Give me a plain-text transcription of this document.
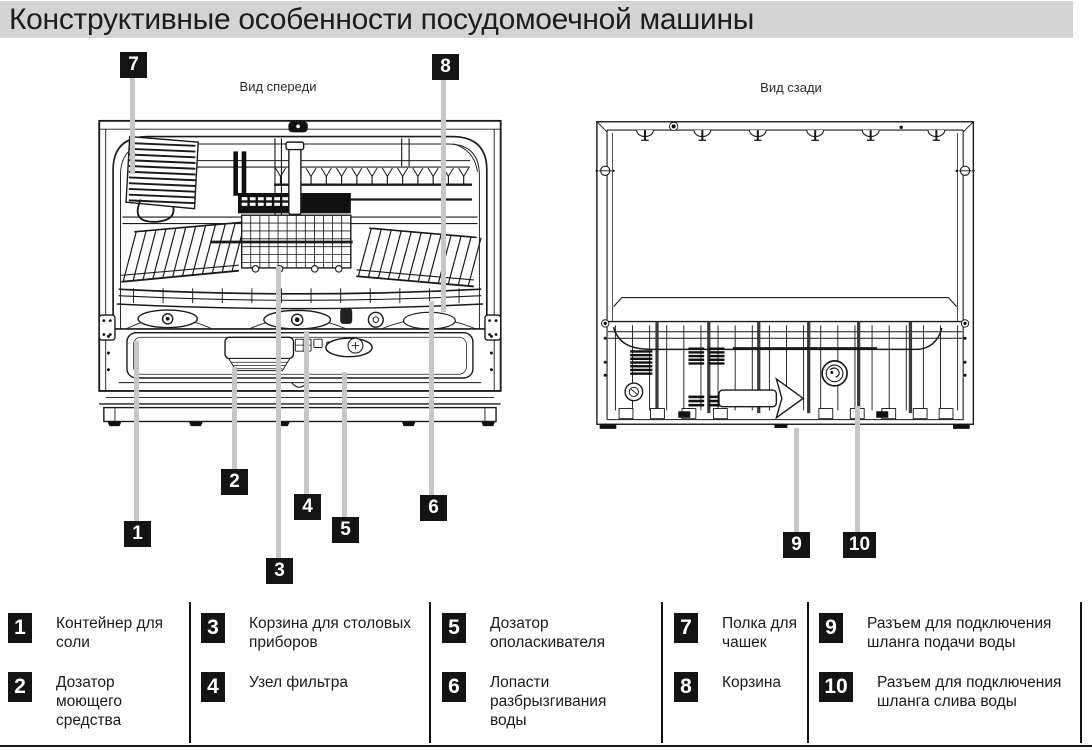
Конструктивные особенности посудомоечной машины
Вид спереди	Вид сзади
7	8
1
2
3
4
5
6
9	10
1	Контейнер для соли
2	Дозатор моющего средства
3	Корзина для столовых приборов
4	Узел фильтра
5	Дозатор ополаскивателя
6	Лопасти разбрызгивания воды
7	Полка для чашек
8	Корзина
9	Разъем для подключения шланга подачи воды
10	Разъем для подключения шланга слива воды
